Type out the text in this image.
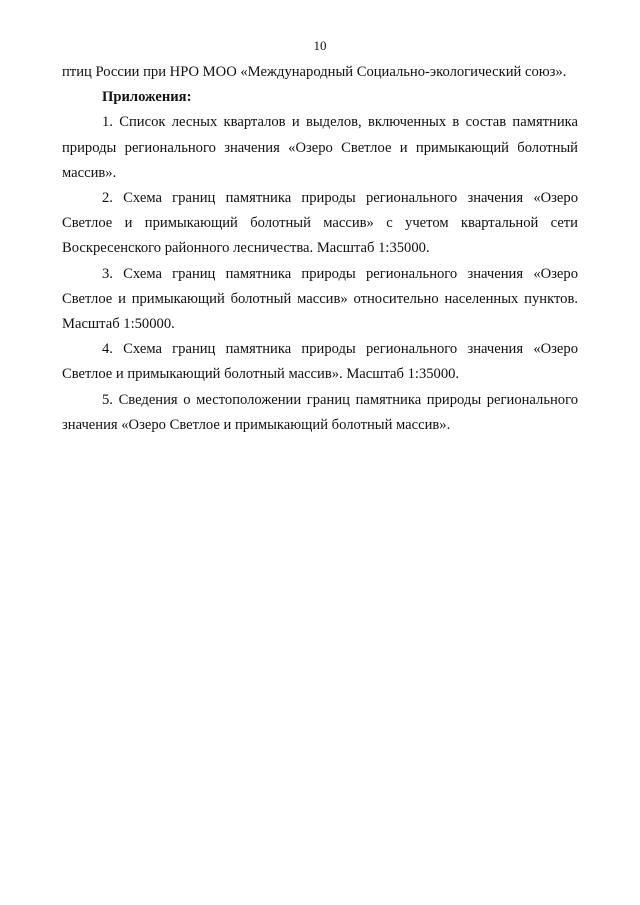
10

птиц России при НРО МОО «Международный Социально-экологический союз».

Приложения:

1. Список лесных кварталов и выделов, включенных в состав памятника природы регионального значения «Озеро Светлое и примыкающий болотный массив».

2. Схема границ памятника природы регионального значения «Озеро Светлое и примыкающий болотный массив» с учетом квартальной сети Воскресенского районного лесничества. Масштаб 1:35000.

3. Схема границ памятника природы регионального значения «Озеро Светлое и примыкающий болотный массив» относительно населенных пунктов. Масштаб 1:50000.

4. Схема границ памятника природы регионального значения «Озеро Светлое и примыкающий болотный массив». Масштаб 1:35000.

5. Сведения о местоположении границ памятника природы регионального значения «Озеро Светлое и примыкающий болотный массив».
